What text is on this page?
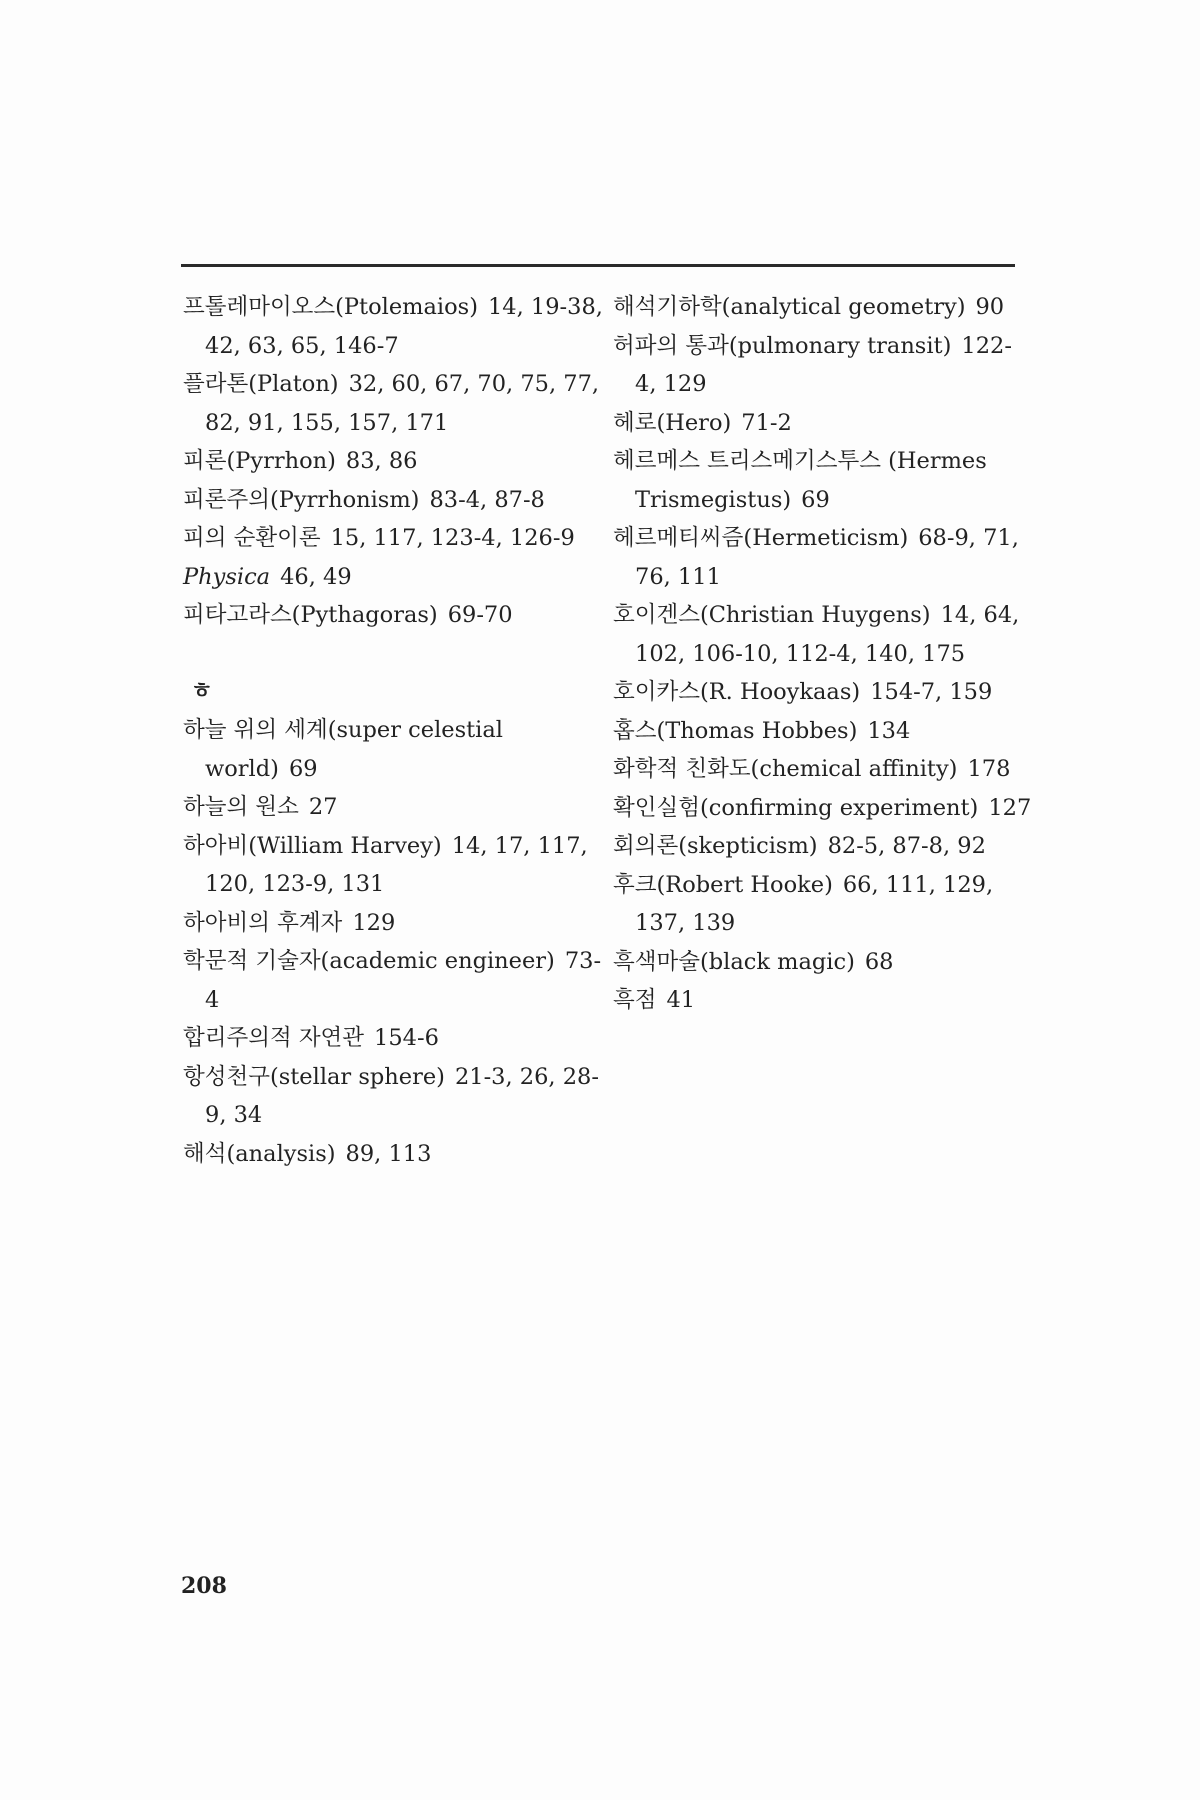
프톨레마이오스(Ptolemaios) 14, 19-38, 42, 63, 65, 146-7
플라톤(Platon) 32, 60, 67, 70, 75, 77, 82, 91, 155, 157, 171
피론(Pyrrhon) 83, 86
피론주의(Pyrrhonism) 83-4, 87-8
피의 순환이론 15, 117, 123-4, 126-9
Physica 46, 49
피타고라스(Pythagoras) 69-70
ㅎ
하늘 위의 세계(super celestial world) 69
하늘의 원소 27
하아비(William Harvey) 14, 17, 117, 120, 123-9, 131
하아비의 후계자 129
학문적 기술자(academic engineer) 73-4
합리주의적 자연관 154-6
항성천구(stellar sphere) 21-3, 26, 28-9, 34
해석(analysis) 89, 113
해석기하학(analytical geometry) 90
허파의 통과(pulmonary transit) 122-4, 129
헤로(Hero) 71-2
헤르메스 트리스메기스투스 (Hermes Trismegistus) 69
헤르메티씨즘(Hermeticism) 68-9, 71, 76, 111
호이겐스(Christian Huygens) 14, 64, 102, 106-10, 112-4, 140, 175
호이카스(R. Hooykaas) 154-7, 159
홉스(Thomas Hobbes) 134
화학적 친화도(chemical affinity) 178
확인실험(confirming experiment) 127
회의론(skepticism) 82-5, 87-8, 92
후크(Robert Hooke) 66, 111, 129, 137, 139
흑색마술(black magic) 68
흑점 41
208
